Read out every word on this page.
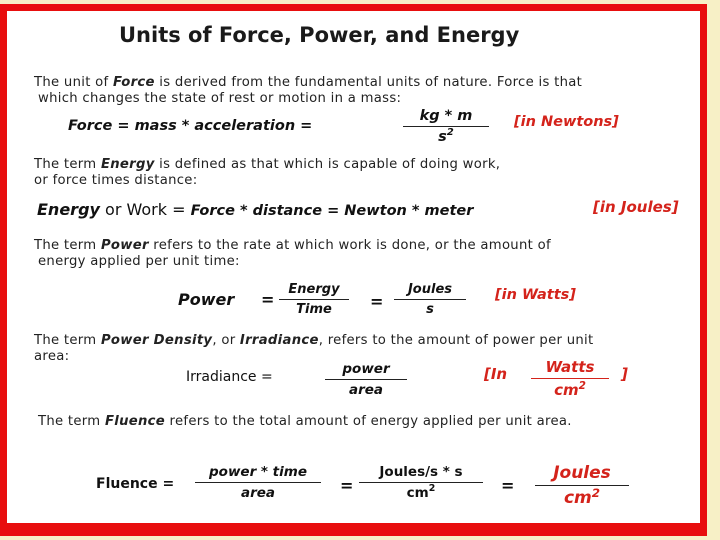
Units of Force, Power, and Energy
The unit of Force is derived from the fundamental units of nature. Force is that
which changes the state of rest or motion in a mass:
Force = mass * acceleration =
kg * m
$s^2$
[in Newtons]
The term Energy is defined as that which is capable of doing work,
or force times distance:
Energy or Work = Force * distance = Newton * meter	[in Joules]
The term Power refers to the rate at which work is done, or the amount of
energy applied per unit time:
Power =
Energy
Time	=
Joules
s
[in Watts]
The term Power Density, or Irradiance, refers to the amount of power per unit
area:
Irradiance =	power
area
[In	Watts
$cm^2$
]
The term Fluence refers to the total amount of energy applied per unit area.
Fluence =
power * time
area	=
Joules/s * s
$cm^2$	=
Joules
$cm^2$
